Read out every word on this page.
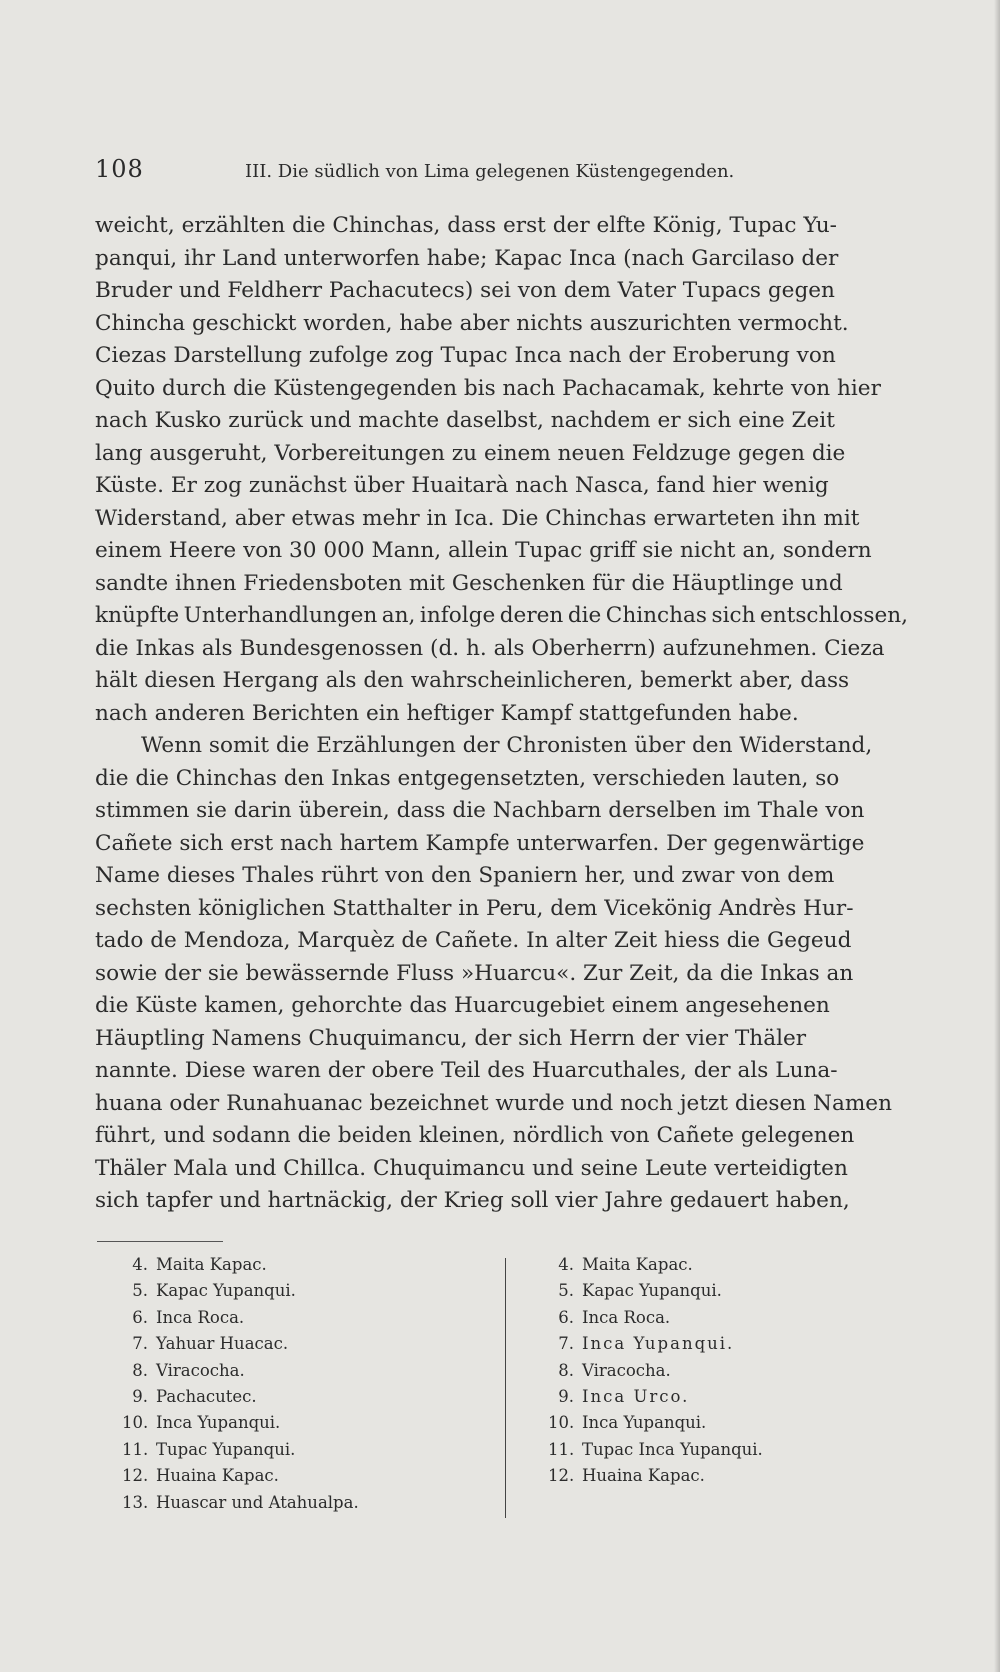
108	III. Die südlich von Lima gelegenen Küstengegenden.
weicht, erzählten die Chinchas, dass erst der elfte König, Tupac Yu-
panqui, ihr Land unterworfen habe; Kapac Inca (nach Garcilaso der
Bruder und Feldherr Pachacutecs) sei von dem Vater Tupacs gegen
Chincha geschickt worden, habe aber nichts auszurichten vermocht.
Ciezas Darstellung zufolge zog Tupac Inca nach der Eroberung von
Quito durch die Küstengegenden bis nach Pachacamak, kehrte von hier
nach Kusko zurück und machte daselbst, nachdem er sich eine Zeit
lang ausgeruht, Vorbereitungen zu einem neuen Feldzuge gegen die
Küste. Er zog zunächst über Huaitarà nach Nasca, fand hier wenig
Widerstand, aber etwas mehr in Ica. Die Chinchas erwarteten ihn mit
einem Heere von 30 000 Mann, allein Tupac griff sie nicht an, sondern
sandte ihnen Friedensboten mit Geschenken für die Häuptlinge und
knüpfte Unterhandlungen an, infolge deren die Chinchas sich entschlossen,
die Inkas als Bundesgenossen (d. h. als Oberherrn) aufzunehmen. Cieza
hält diesen Hergang als den wahrscheinlicheren, bemerkt aber, dass
nach anderen Berichten ein heftiger Kampf stattgefunden habe.
Wenn somit die Erzählungen der Chronisten über den Widerstand,
die die Chinchas den Inkas entgegensetzten, verschieden lauten, so
stimmen sie darin überein, dass die Nachbarn derselben im Thale von
Cañete sich erst nach hartem Kampfe unterwarfen. Der gegenwärtige
Name dieses Thales rührt von den Spaniern her, und zwar von dem
sechsten königlichen Statthalter in Peru, dem Vicekönig Andrès Hur-
tado de Mendoza, Marquèz de Cañete. In alter Zeit hiess die Gegeud
sowie der sie bewässernde Fluss »Huarcu«. Zur Zeit, da die Inkas an
die Küste kamen, gehorchte das Huarcugebiet einem angesehenen
Häuptling Namens Chuquimancu, der sich Herrn der vier Thäler
nannte. Diese waren der obere Teil des Huarcuthales, der als Luna-
huana oder Runahuanac bezeichnet wurde und noch jetzt diesen Namen
führt, und sodann die beiden kleinen, nördlich von Cañete gelegenen
Thäler Mala und Chillca. Chuquimancu und seine Leute verteidigten
sich tapfer und hartnäckig, der Krieg soll vier Jahre gedauert haben,
4. Maita Kapac.
5. Kapac Yupanqui.
6. Inca Roca.
7. Yahuar Huacac.
8. Viracocha.
9. Pachacutec.
10. Inca Yupanqui.
11. Tupac Yupanqui.
12. Huaina Kapac.
13. Huascar und Atahualpa.
4. Maita Kapac.
5. Kapac Yupanqui.
6. Inca Roca.
7. Inca Yupanqui.
8. Viracocha.
9. Inca Urco.
10. Inca Yupanqui.
11. Tupac Inca Yupanqui.
12. Huaina Kapac.
